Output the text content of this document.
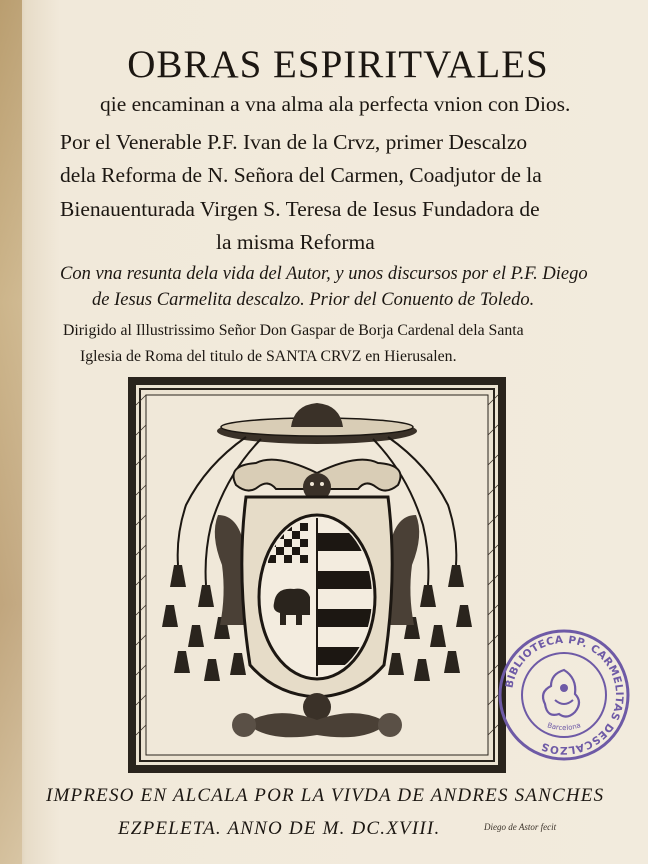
OBRAS ESPIRITVALES
qie encaminan a vna alma ala perfecta vnion con Dios.
Por el Venerable P.F. Ivan de la Crvz, primer Descalzo
dela Reforma de N. Señora del Carmen, Coadjutor de la
Bienauenturada Virgen S. Teresa de Iesus Fundadora de
la misma Reforma
Con vna resunta dela vida del Autor, y unos discursos por el P.F. Diego
de Iesus Carmelita descalzo. Prior del Conuento de Toledo.
Dirigido al Illustrissimo Señor Don Gaspar de Borja Cardenal dela Santa
Iglesia de Roma del titulo de SANTA CRVZ en Hierusalen.
BIBLIOTECA PP. CARMELITAS DESCALZOS
Barcelona
IMPRESO EN ALCALA POR LA VIVDA DE ANDRES SANCHES
EZPELETA. ANNO DE M. DC.XVIII.	Diego de Astor fecit
